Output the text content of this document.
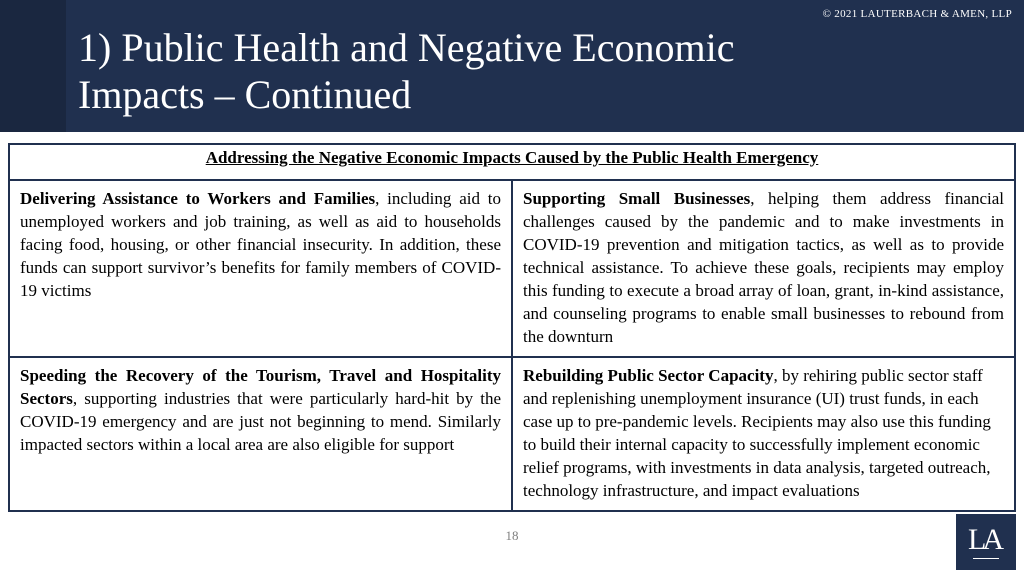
© 2021 LAUTERBACH & AMEN, LLP
1) Public Health and Negative Economic
Impacts – Continued
Addressing the Negative Economic Impacts Caused by the Public Health Emergency	
Delivering Assistance to Workers and Families, including aid to unemployed workers and job training, as well as aid to households facing food, housing, or other financial insecurity. In addition, these funds can support survivor’s benefits for family members of COVID-19 victims	Supporting Small Businesses, helping them address financial challenges caused by the pandemic and to make investments in COVID-19 prevention and mitigation tactics, as well as to provide technical assistance. To achieve these goals, recipients may employ this funding to execute a broad array of loan, grant, in-kind assistance, and counseling programs to enable small businesses to rebound from the downturn
Speeding the Recovery of the Tourism, Travel and Hospitality Sectors, supporting industries that were particularly hard-hit by the COVID-19 emergency and are just not beginning to mend. Similarly impacted sectors within a local area are also eligible for support	Rebuilding Public Sector Capacity, by rehiring public sector staff and replenishing unemployment insurance (UI) trust funds, in each case up to pre-pandemic levels. Recipients may also use this funding to build their internal capacity to successfully implement economic relief programs, with investments in data analysis, targeted outreach, technology infrastructure, and impact evaluations
18	LA
